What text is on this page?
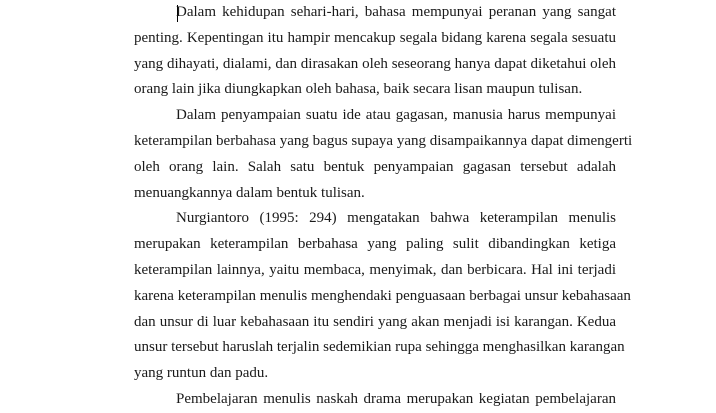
Dalam kehidupan sehari-hari, bahasa mempunyai peranan yang sangat
penting. Kepentingan itu hampir mencakup segala bidang karena segala sesuatu
yang dihayati, dialami, dan dirasakan oleh seseorang hanya dapat diketahui oleh
orang lain jika diungkapkan oleh bahasa, baik secara lisan maupun tulisan.

Dalam penyampaian suatu ide atau gagasan, manusia harus mempunyai
keterampilan berbahasa yang bagus supaya yang disampaikannya dapat dimengerti
oleh orang lain. Salah satu bentuk penyampaian gagasan tersebut adalah
menuangkannya dalam bentuk tulisan.

Nurgiantoro (1995: 294) mengatakan bahwa keterampilan menulis
merupakan keterampilan berbahasa yang paling sulit dibandingkan ketiga
keterampilan lainnya, yaitu membaca, menyimak, dan berbicara. Hal ini terjadi
karena keterampilan menulis menghendaki penguasaan berbagai unsur kebahasaan
dan unsur di luar kebahasaan itu sendiri yang akan menjadi isi karangan. Kedua
unsur tersebut haruslah terjalin sedemikian rupa sehingga menghasilkan karangan
yang runtun dan padu.

Pembelajaran menulis naskah drama merupakan kegiatan pembelajaran
